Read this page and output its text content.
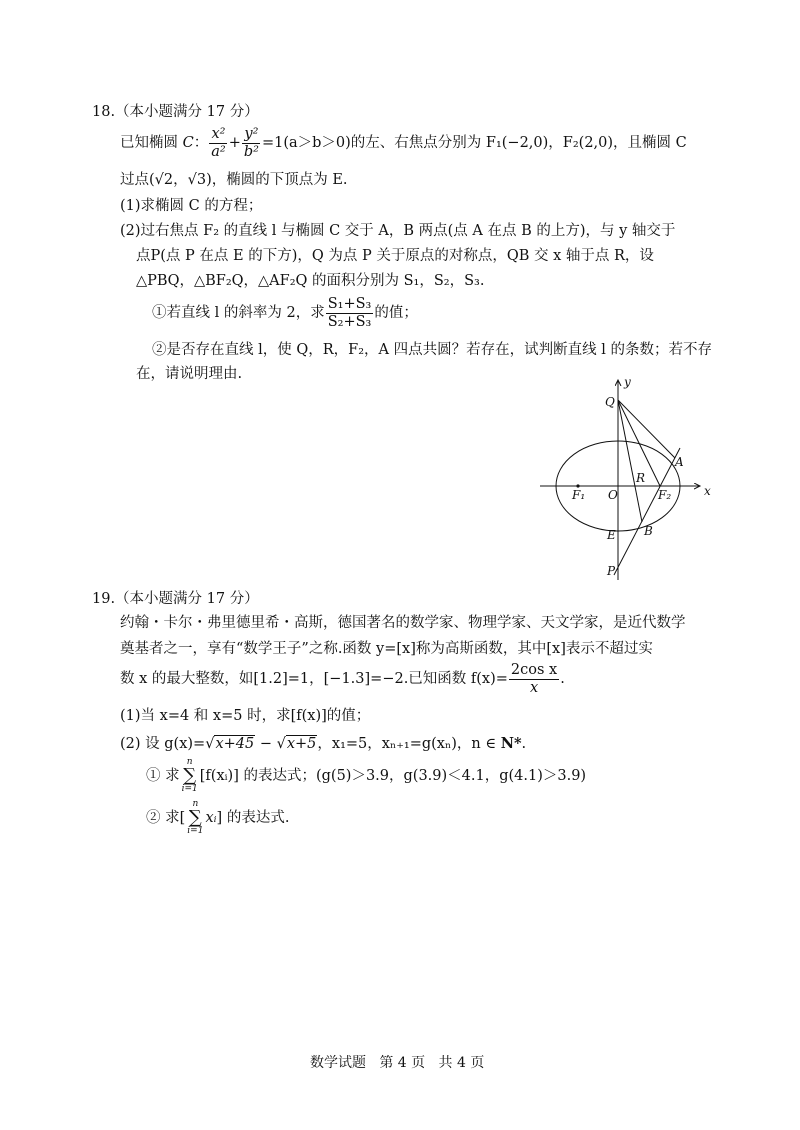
18.（本小题满分 17 分）
已知椭圆 C： $\frac{\text{x²}}{\text{a²}} + \frac{\text{y²}}{\text{b²}} =1(a>b>0)$的左、右焦点分别为 F₁(−2,0)，F₂(2,0)，且椭圆 C
过点(√2，√3)，椭圆的下顶点为 E.
(1)求椭圆 C 的方程；
(2)过右焦点 F₂ 的直线 l 与椭圆 C 交于 A，B 两点(点 A 在点 B 的上方)，与 y 轴交于
点P(点 P 在点 E 的下方)，Q 为点 P 关于原点的对称点，QB 交 x 轴于点 R，设
△PBQ，△BF₂Q，△AF₂Q 的面积分别为 S₁，S₂，S₃.
①若直线 l 的斜率为 2，求 $\frac{\text{S₁+S₃}}{\text{S₂+S₃}}$ 的值；
②是否存在直线 l，使 Q，R，F₂，A 四点共圆？若存在，试判断直线 l 的条数；若不存
在，请说明理由.	y
x
Q
A
R
F₁ O	F₂
B
E
P
19.（本小题满分 17 分）
约翰・卡尔・弗里德里希・高斯，德国著名的数学家、物理学家、天文学家，是近代数学
奠基者之一，享有“数学王子”之称.函数 y=[x]称为高斯函数，其中[x]表示不超过实
数 x 的最大整数，如[1.2]=1，[−1.3]=−2.已知函数 $f(x)= \frac{\text{2cos x}}{x}$ .
(1)当 x=4 和 x=5 时，求[f(x)]的值；
(2) 设 g(x)=√x+45 − √x+5，x₁=5，xₙ₊₁=g(xₙ)，n ∈ N*.
① 求
n
∑
i=1
[f(xᵢ)] 的表达式；(g(5)＞3.9，g(3.9)＜4.1，g(4.1)＞3.9)
② 求[
n
∑
i=1
xᵢ] 的表达式.
数学试题 第 4 页 共 4 页
